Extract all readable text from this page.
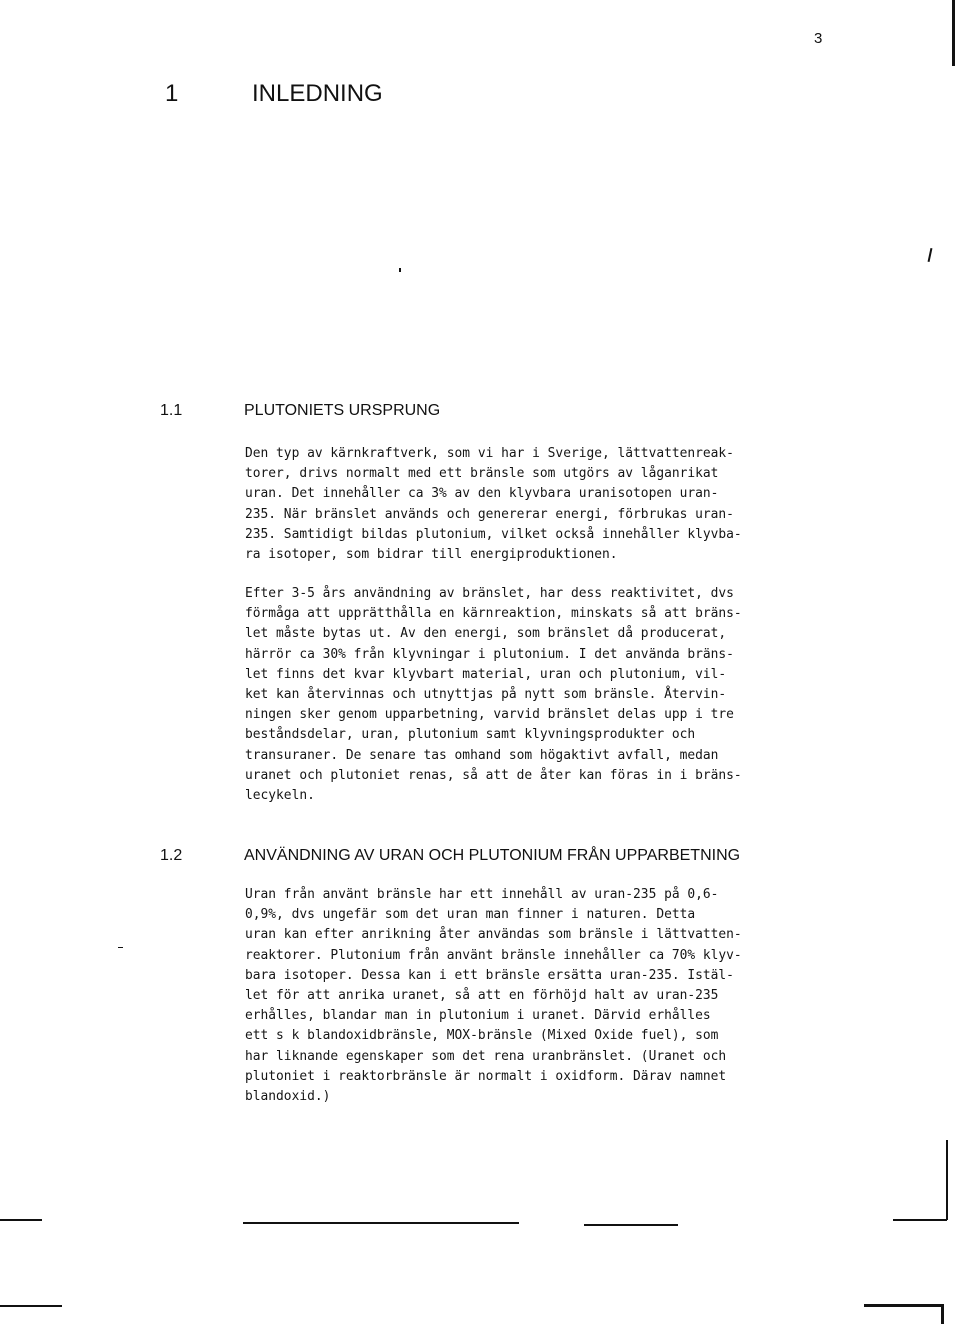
3
1	INLEDNING
1.1	PLUTONIETS URSPRUNG

Den typ av kärnkraftverk, som vi har i Sverige, lättvattenreak-
torer, drivs normalt med ett bränsle som utgörs av låganrikat
uran. Det innehåller ca 3% av den klyvbara uranisotopen uran-
235. När bränslet används och genererar energi, förbrukas uran-
235. Samtidigt bildas plutonium, vilket också innehåller klyvba-
ra isotoper, som bidrar till energiproduktionen.

Efter 3-5 års användning av bränslet, har dess reaktivitet, dvs
förmåga att upprätthålla en kärnreaktion, minskats så att bräns-
let måste bytas ut. Av den energi, som bränslet då producerat,
härrör ca 30% från klyvningar i plutonium. I det använda bräns-
let finns det kvar klyvbart material, uran och plutonium, vil-
ket kan återvinnas och utnyttjas på nytt som bränsle. Återvin-
ningen sker genom upparbetning, varvid bränslet delas upp i tre
beståndsdelar, uran, plutonium samt klyvningsprodukter och
transuraner. De senare tas omhand som högaktivt avfall, medan
uranet och plutoniet renas, så att de åter kan föras in i bräns-
lecykeln.

1.2	ANVÄNDNING AV URAN OCH PLUTONIUM FRÅN UPPARBETNING

Uran från använt bränsle har ett innehåll av uran-235 på 0,6-
0,9%, dvs ungefär som det uran man finner i naturen. Detta
uran kan efter anrikning åter användas som bränsle i lättvatten-
reaktorer. Plutonium från använt bränsle innehåller ca 70% klyv-
bara isotoper. Dessa kan i ett bränsle ersätta uran-235. Istäl-
let för att anrika uranet, så att en förhöjd halt av uran-235
erhålles, blandar man in plutonium i uranet. Därvid erhålles
ett s k blandoxidbränsle, MOX-bränsle (Mixed Oxide fuel), som
har liknande egenskaper som det rena uranbränslet. (Uranet och
plutoniet i reaktorbränsle är normalt i oxidform. Därav namnet
blandoxid.)
